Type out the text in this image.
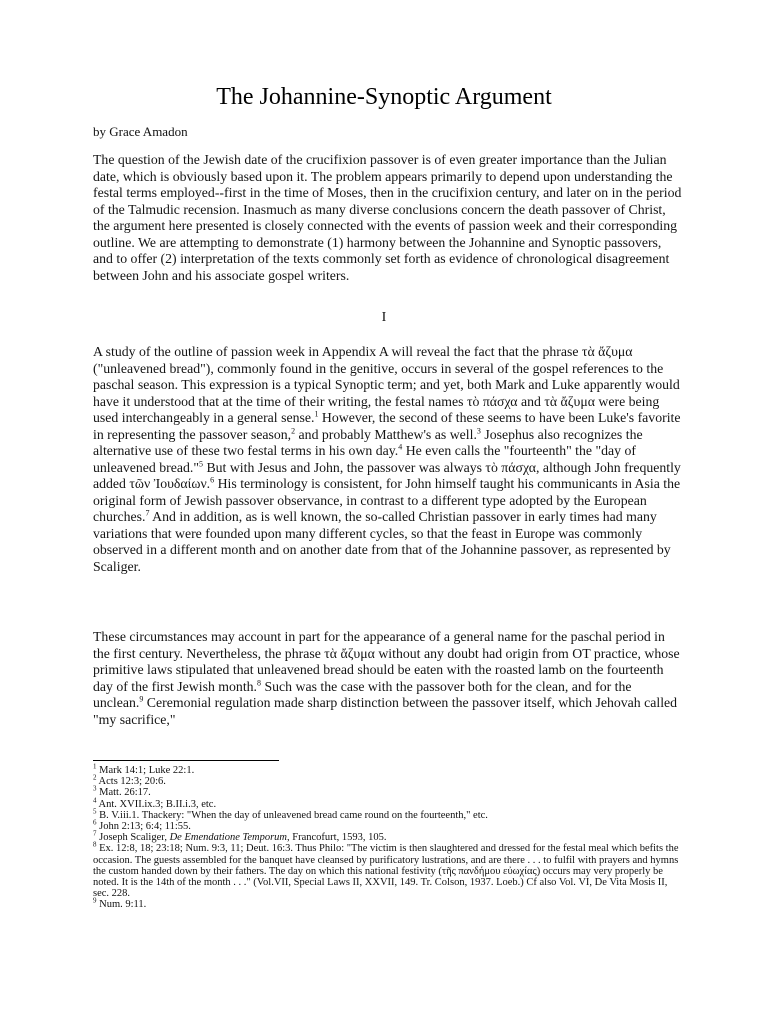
The Johannine-Synoptic Argument

by Grace Amadon

The question of the Jewish date of the crucifixion passover is of even greater importance than the Julian date, which is obviously based upon it. The problem appears primarily to depend upon understanding the festal terms employed--first in the time of Moses, then in the crucifixion century, and later on in the period of the Talmudic recension. Inasmuch as many diverse conclusions concern the death passover of Christ, the argument here presented is closely connected with the events of passion week and their corresponding outline. We are attempting to demonstrate (1) harmony between the Johannine and Synoptic passovers, and to offer (2) interpretation of the texts commonly set forth as evidence of chronological disagreement between John and his associate gospel writers.

I

A study of the outline of passion week in Appendix A will reveal the fact that the phrase τὰ ἄζυμα ("unleavened bread"), commonly found in the genitive, occurs in several of the gospel references to the paschal season. This expression is a typical Synoptic term; and yet, both Mark and Luke apparently would have it understood that at the time of their writing, the festal names τὸ πάσχα and τὰ ἄζυμα were being used interchangeably in a general sense.$^1$ However, the second of these seems to have been Luke's favorite in representing the passover season,$^2$ and probably Matthew's as well.$^3$ Josephus also recognizes the alternative use of these two festal terms in his own day.$^4$ He even calls the "fourteenth" the "day of unleavened bread."$^5$ But with Jesus and John, the passover was always τὸ πάσχα, although John frequently added τῶν Ἰουδαίων.$^6$ His terminology is consistent, for John himself taught his communicants in Asia the original form of Jewish passover observance, in contrast to a different type adopted by the European churches.$^7$ And in addition, as is well known, the so-called Christian passover in early times had many variations that were founded upon many different cycles, so that the feast in Europe was commonly observed in a different month and on another date from that of the Johannine passover, as represented by Scaliger.

These circumstances may account in part for the appearance of a general name for the paschal period in the first century. Nevertheless, the phrase τὰ ἄζυμα without any doubt had origin from OT practice, whose primitive laws stipulated that unleavened bread should be eaten with the roasted lamb on the fourteenth day of the first Jewish month.$^8$ Such was the case with the passover both for the clean, and for the unclean.$^9$ Ceremonial regulation made sharp distinction between the passover itself, which Jehovah called "my sacrifice,"

$^1$ Mark 14:1; Luke 22:1.
$^2$ Acts 12:3; 20:6.
$^3$ Matt. 26:17.
$^4$ Ant. XVII.ix.3; B.II.i.3, etc.
$^5$ B. V.iii.1. Thackery: "When the day of unleavened bread came round on the fourteenth," etc.
$^6$ John 2:13; 6:4; 11:55.
$^7$ Joseph Scaliger, De Emendatione Temporum, Francofurt, 1593, 105.
$^8$ Ex. 12:8, 18; 23:18; Num. 9:3, 11; Deut. 16:3. Thus Philo: "The victim is then slaughtered and dressed for the festal meal which befits the occasion. The guests assembled for the banquet have cleansed by purificatory lustrations, and are there . . . to fulfil with prayers and hymns the custom handed down by their fathers. The day on which this national festivity (τῆς πανδήμου εὐωχίας) occurs may very properly be noted. It is the 14th of the month . . ." (Vol.VII, Special Laws II, XXVII, 149. Tr. Colson, 1937. Loeb.) Cf also Vol. VI, De Vita Mosis II, sec. 228.
$^9$ Num. 9:11.
